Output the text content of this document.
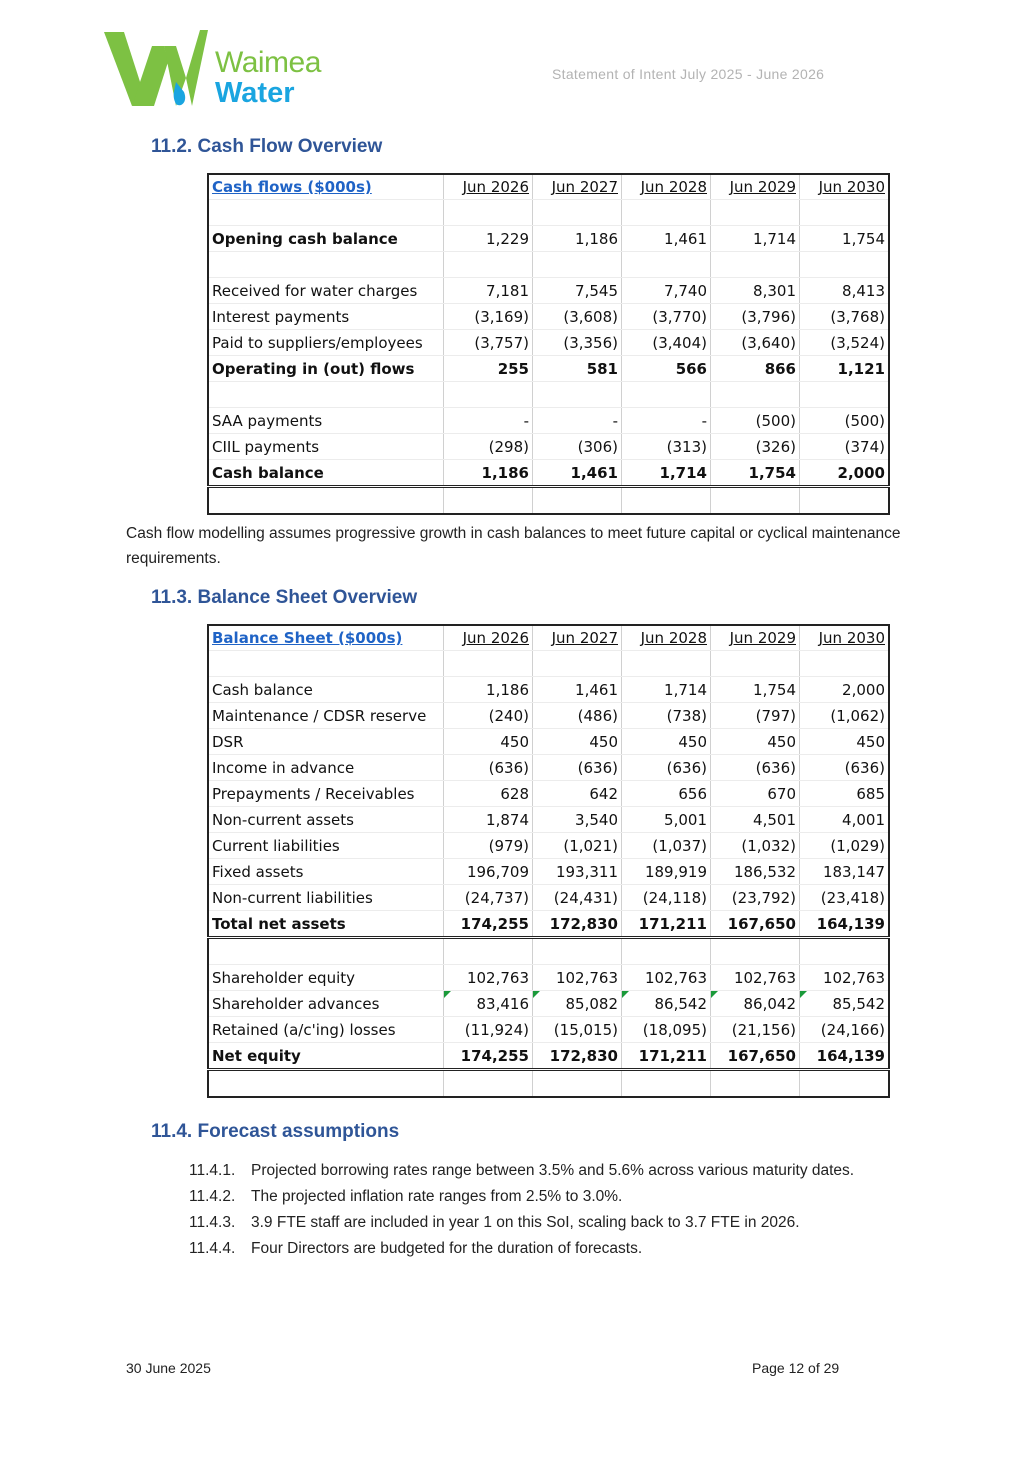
Waimea
Water
Statement of Intent July 2025 - June 2026
11.2. Cash Flow Overview
Cash flows ($000s)	Jun 2026	Jun 2027	Jun 2028	Jun 2029	Jun 2030

Opening cash balance	1,229	1,186	1,461	1,714	1,754

Received for water charges	7,181	7,545	7,740	8,301	8,413
Interest payments	(3,169)	(3,608)	(3,770)	(3,796)	(3,768)
Paid to suppliers/employees	(3,757)	(3,356)	(3,404)	(3,640)	(3,524)
Operating in (out) flows	255	581	566	866	1,121

SAA payments	-	-	-	(500)	(500)
CIIL payments	(298)	(306)	(313)	(326)	(374)
Cash balance	1,186	1,461	1,714	1,754	2,000

Cash flow modelling assumes progressive growth in cash balances to meet future capital or cyclical maintenance requirements.
11.3. Balance Sheet Overview
Balance Sheet ($000s)	Jun 2026	Jun 2027	Jun 2028	Jun 2029	Jun 2030

Cash balance	1,186	1,461	1,714	1,754	2,000
Maintenance / CDSR reserve	(240)	(486)	(738)	(797)	(1,062)
DSR	450	450	450	450	450
Income in advance	(636)	(636)	(636)	(636)	(636)
Prepayments / Receivables	628	642	656	670	685
Non-current assets	1,874	3,540	5,001	4,501	4,001
Current liabilities	(979)	(1,021)	(1,037)	(1,032)	(1,029)
Fixed assets	196,709	193,311	189,919	186,532	183,147
Non-current liabilities	(24,737)	(24,431)	(24,118)	(23,792)	(23,418)
Total net assets	174,255	172,830	171,211	167,650	164,139

Shareholder equity	102,763	102,763	102,763	102,763	102,763
Shareholder advances	83,416	85,082	86,542	86,042	85,542
Retained (a/c'ing) losses	(11,924)	(15,015)	(18,095)	(21,156)	(24,166)
Net equity	174,255	172,830	171,211	167,650	164,139

11.4. Forecast assumptions
11.4.1. Projected borrowing rates range between 3.5% and 5.6% across various maturity dates.
11.4.2. The projected inflation rate ranges from 2.5% to 3.0%.
11.4.3. 3.9 FTE staff are included in year 1 on this SoI, scaling back to 3.7 FTE in 2026.
11.4.4. Four Directors are budgeted for the duration of forecasts.
30 June 2025	Page 12 of 29
